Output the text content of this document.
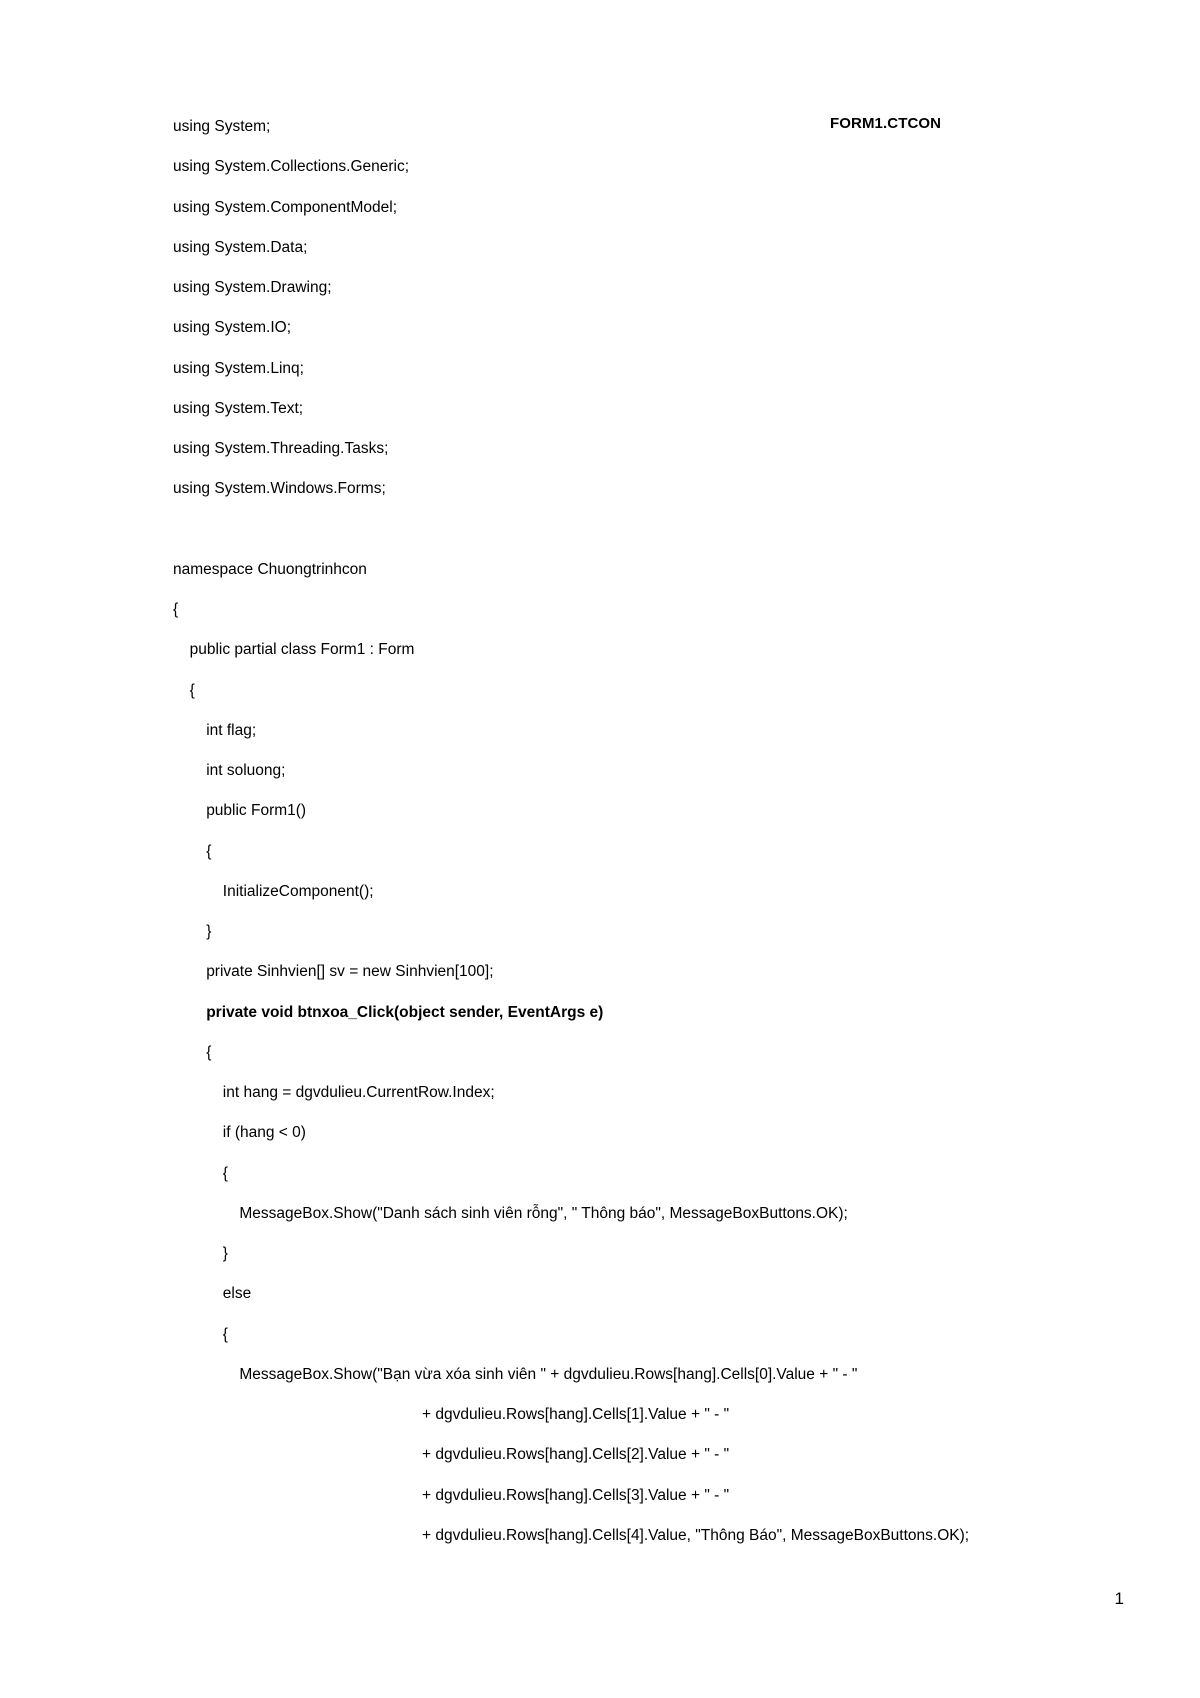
FORM1.CTCON
using System;
using System.Collections.Generic;
using System.ComponentModel;
using System.Data;
using System.Drawing;
using System.IO;
using System.Linq;
using System.Text;
using System.Threading.Tasks;
using System.Windows.Forms;
namespace Chuongtrinhcon
{
public partial class Form1 : Form
{
int flag;
int soluong;
public Form1()
{
InitializeComponent();
}
private Sinhvien[] sv = new Sinhvien[100];
private void btnxoa_Click(object sender, EventArgs e)
{
int hang = dgvdulieu.CurrentRow.Index;
if (hang < 0)
{
MessageBox.Show("Danh sách sinh viên rỗng", " Thông báo", MessageBoxButtons.OK);
}
else
{
MessageBox.Show("Bạn vừa xóa sinh viên " + dgvdulieu.Rows[hang].Cells[0].Value + " - "
+ dgvdulieu.Rows[hang].Cells[1].Value + " - "
+ dgvdulieu.Rows[hang].Cells[2].Value + " - "
+ dgvdulieu.Rows[hang].Cells[3].Value + " - "
+ dgvdulieu.Rows[hang].Cells[4].Value, "Thông Báo", MessageBoxButtons.OK);
1
